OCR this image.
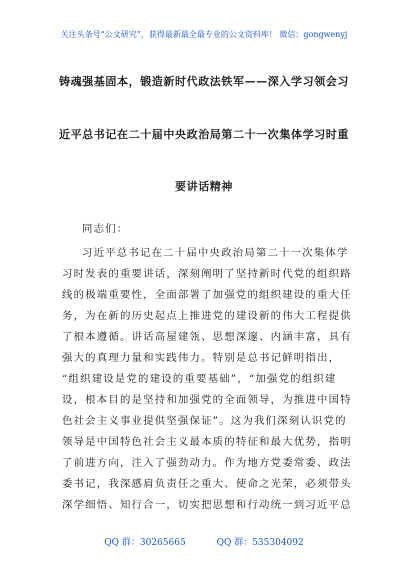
关注头条号“公文研究”，获得最新最全最专业的公文资料库！ 微信：gongwenyj
铸魂强基固本，锻造新时代政法铁军——深入学习领会习
近平总书记在二十届中央政治局第二十一次集体学习时重
要讲话精神
同志们：
习近平总书记在二十届中央政治局第二十一次集体学
习时发表的重要讲话，深刻阐明了坚持新时代党的组织路
线的极端重要性，全面部署了加强党的组织建设的重大任
务，为在新的历史起点上推进党的建设新的伟大工程提供
了根本遵循。讲话高屋建瓴、思想深邃、内涵丰富，具有
强大的真理力量和实践伟力。特别是总书记鲜明指出，
“组织建设是党的建设的重要基础”，“加强党的组织建
设，根本目的是坚持和加强党的全面领导，为推进中国特
色社会主义事业提供坚强保证”。这为我们深刻认识党的
领导是中国特色社会主义最本质的特征和最大优势，指明
了前进方向，注入了强劲动力。作为地方党委常委、政法
委书记，我深感肩负责任之重大、使命之光荣，必须带头
深学细悟、知行合一，切实把思想和行动统一到习近平总
QQ 群：30265665	QQ 群：535304092
